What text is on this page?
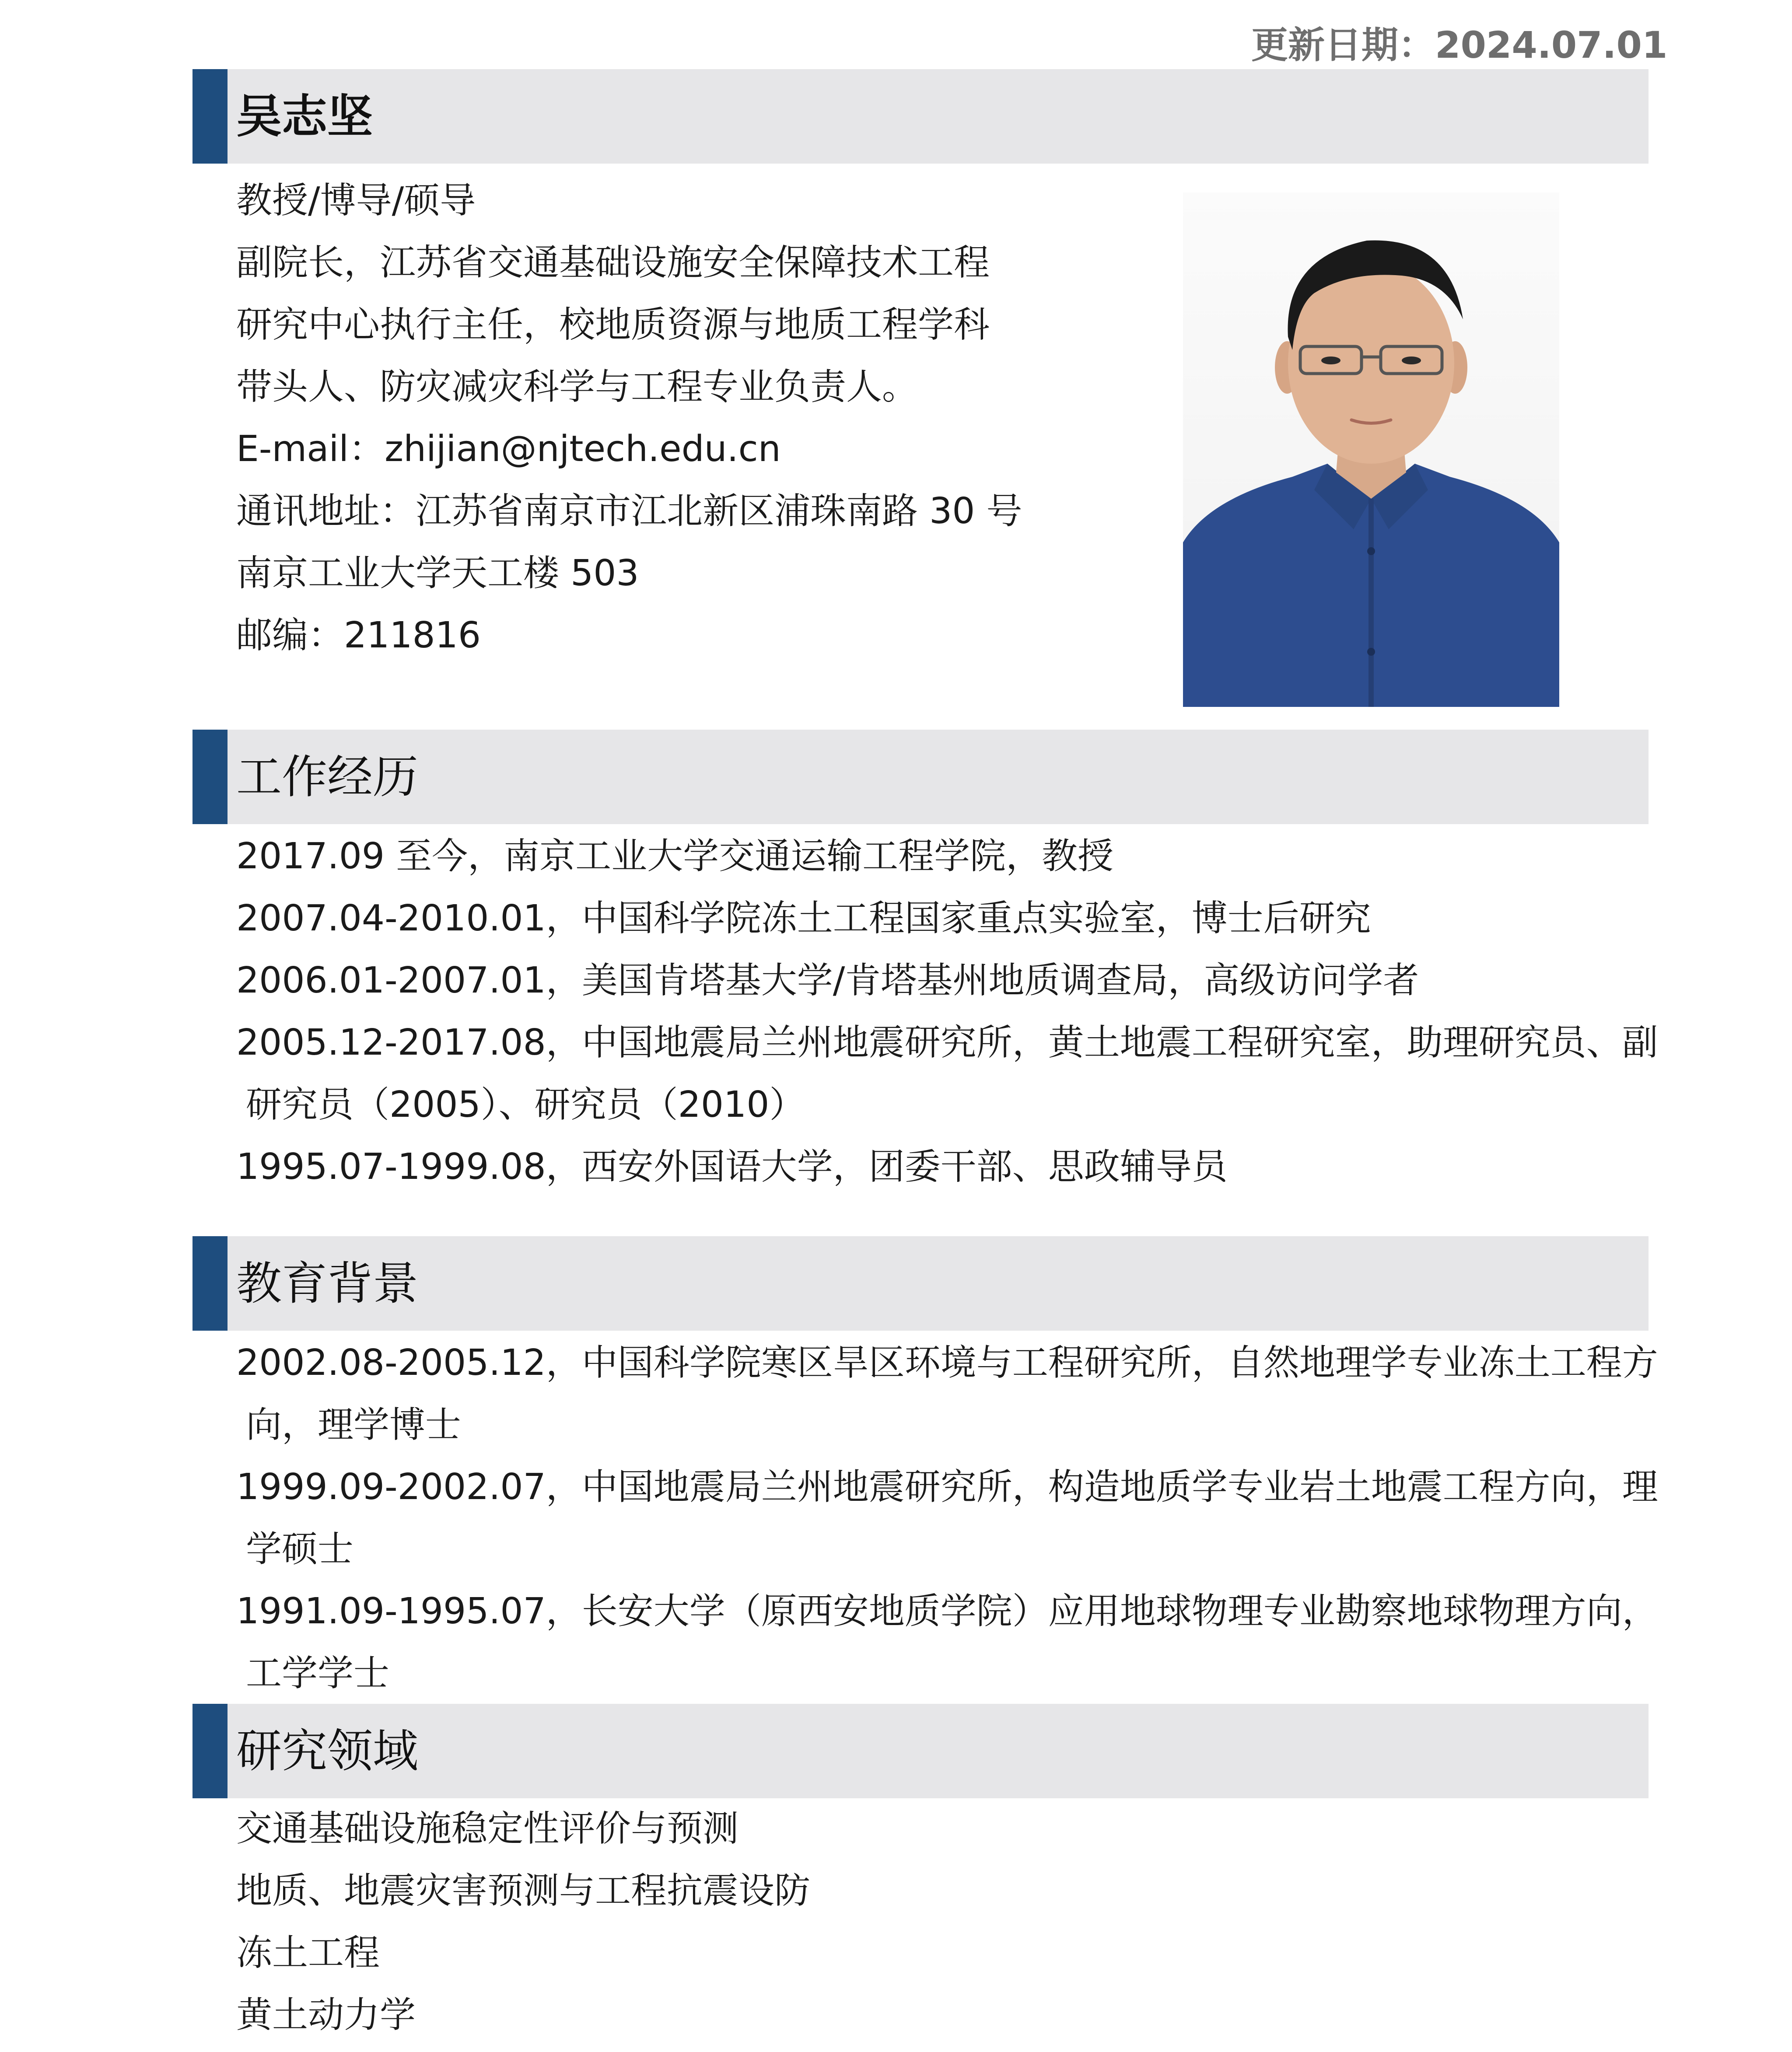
更新日期：2024.07.01
吴志坚
教授/博导/硕导
副院长，江苏省交通基础设施安全保障技术工程
研究中心执行主任，校地质资源与地质工程学科
带头人、防灾减灾科学与工程专业负责人。
E-mail：zhijian@njtech.edu.cn
通讯地址：江苏省南京市江北新区浦珠南路 30 号
南京工业大学天工楼 503
邮编：211816
工作经历
2017.09 至今，南京工业大学交通运输工程学院，教授
2007.04-2010.01，中国科学院冻土工程国家重点实验室，博士后研究
2006.01-2007.01，美国肯塔基大学/肯塔基州地质调查局，高级访问学者
2005.12-2017.08，中国地震局兰州地震研究所，黄土地震工程研究室，助理研究员、副
研究员（2005）、研究员（2010）
1995.07-1999.08，西安外国语大学，团委干部、思政辅导员
教育背景
2002.08-2005.12，中国科学院寒区旱区环境与工程研究所，自然地理学专业冻土工程方
向，理学博士
1999.09-2002.07，中国地震局兰州地震研究所，构造地质学专业岩土地震工程方向，理
学硕士
1991.09-1995.07，长安大学（原西安地质学院）应用地球物理专业勘察地球物理方向，
工学学士
研究领域
交通基础设施稳定性评价与预测
地质、地震灾害预测与工程抗震设防
冻土工程
黄土动力学
